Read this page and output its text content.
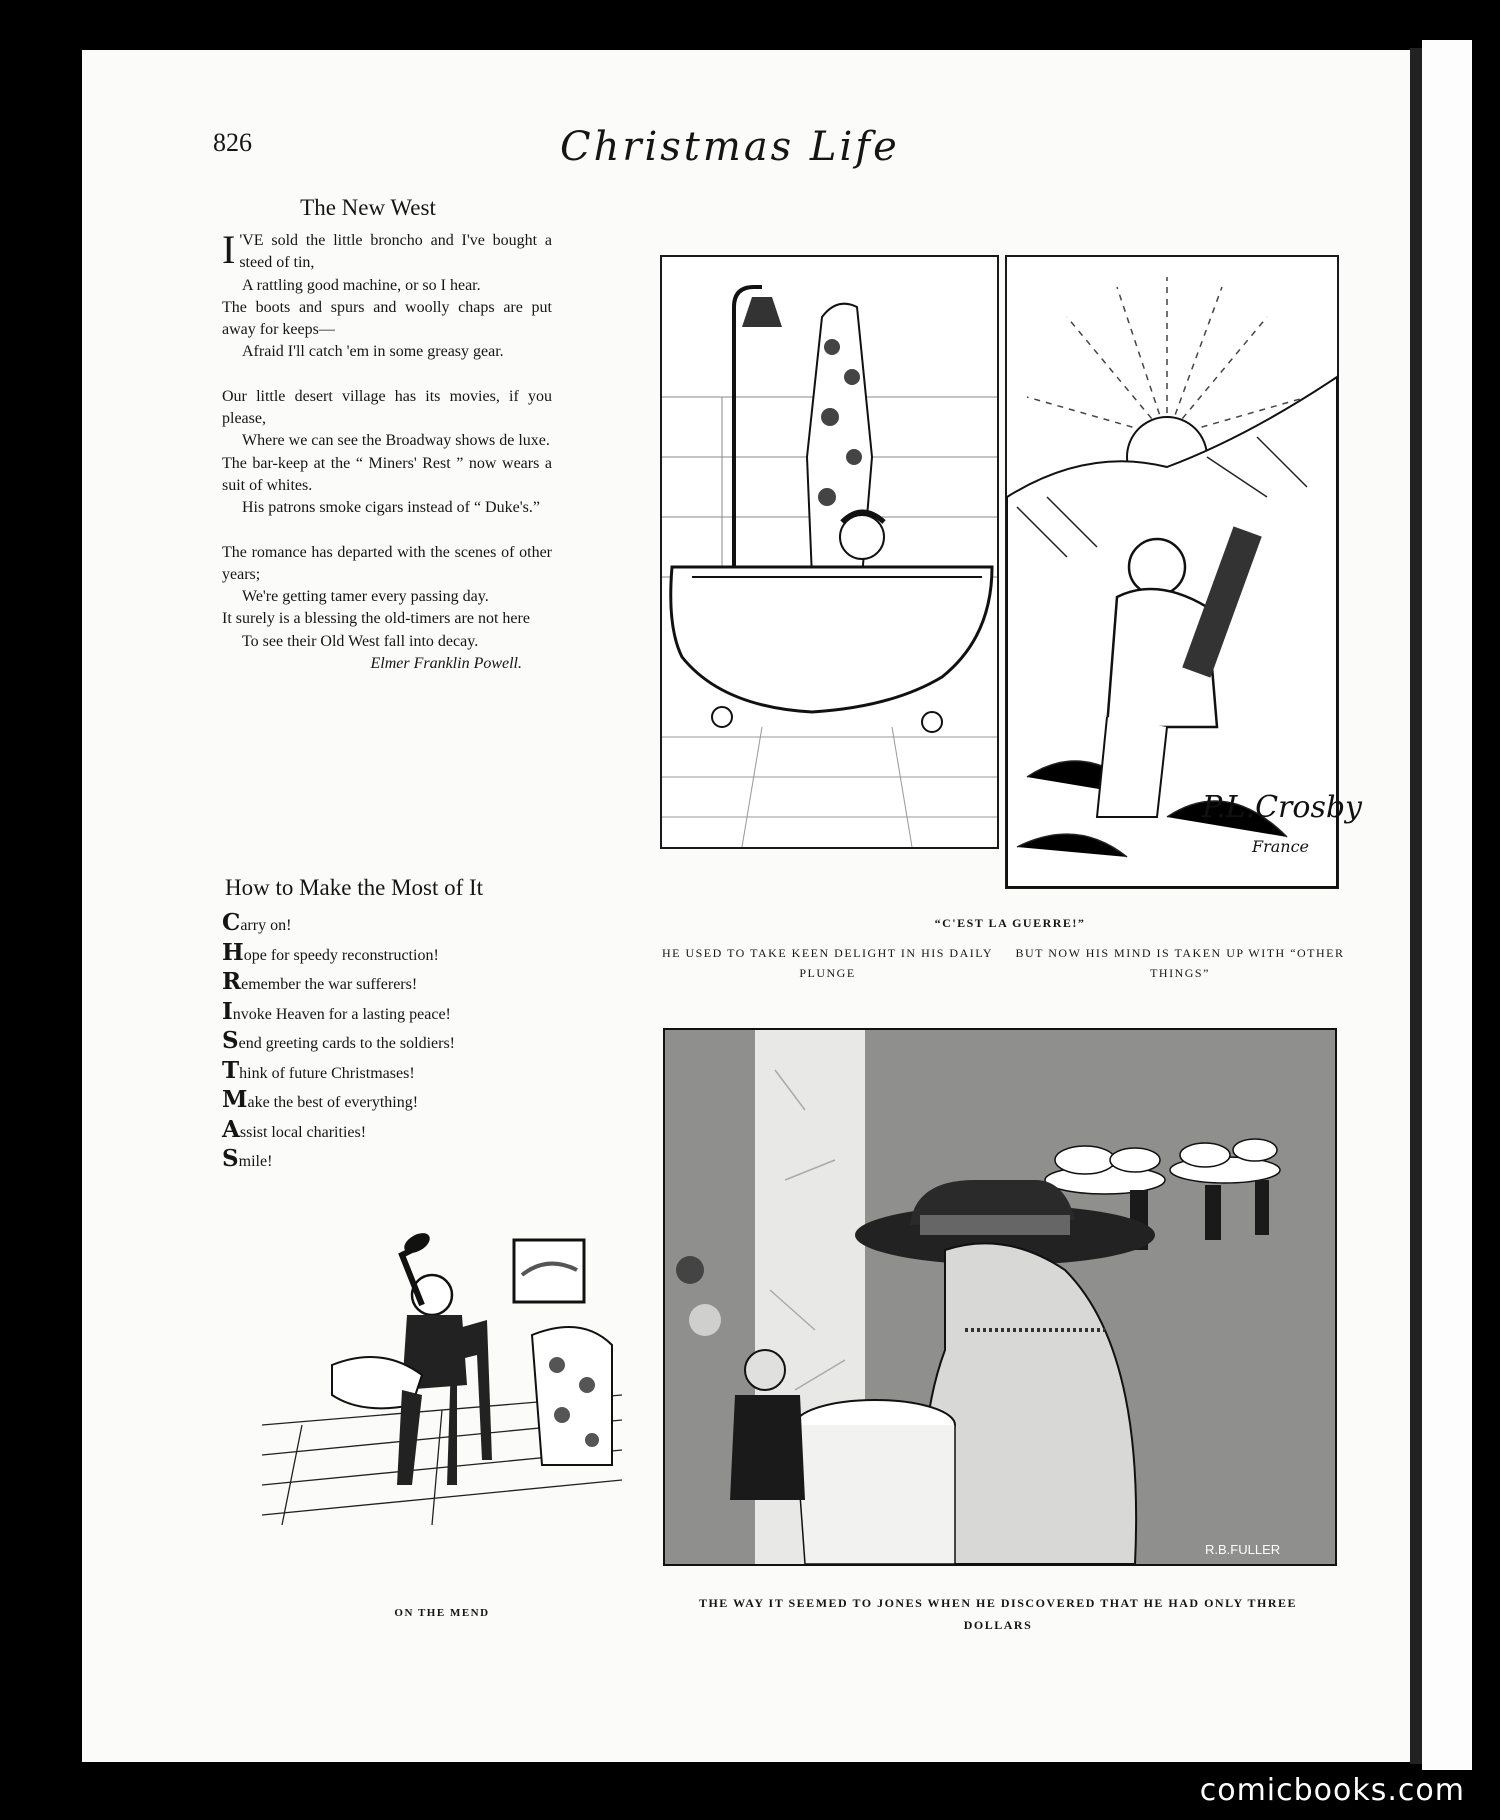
826	Christmas Life
The New West

I 'VE sold the little broncho and I've bought a steed of tin,

A rattling good machine, or so I hear.

The boots and spurs and woolly chaps are put away for keeps—

Afraid I'll catch 'em in some greasy gear.

Our little desert village has its movies, if you please,

Where we can see the Broadway shows de luxe.

The bar-keep at the “ Miners' Rest ” now wears a suit of whites.

His patrons smoke cigars instead of “ Duke's.”

The romance has departed with the scenes of other years;

We're getting tamer every passing day.

It surely is a blessing the old-timers are not here

To see their Old West fall into decay.

Elmer Franklin Powell.

How to Make the Most of It
Carry on!
Hope for speedy reconstruction!
Remember the war sufferers!
Invoke Heaven for a lasting peace!
Send greeting cards to the soldiers!
Think of future Christmases!
Make the best of everything!
Assist local charities!
Smile!
P.L.Crosby
France
“C'EST LA GUERRE!”
HE USED TO TAKE KEEN DELIGHT IN HIS DAILY PLUNGE
BUT NOW HIS MIND IS TAKEN UP WITH “OTHER THINGS”
ON THE MEND
R.B.FULLER
THE WAY IT SEEMED TO JONES WHEN HE DISCOVERED THAT HE HAD ONLY THREE DOLLARS
comicbooks.com
